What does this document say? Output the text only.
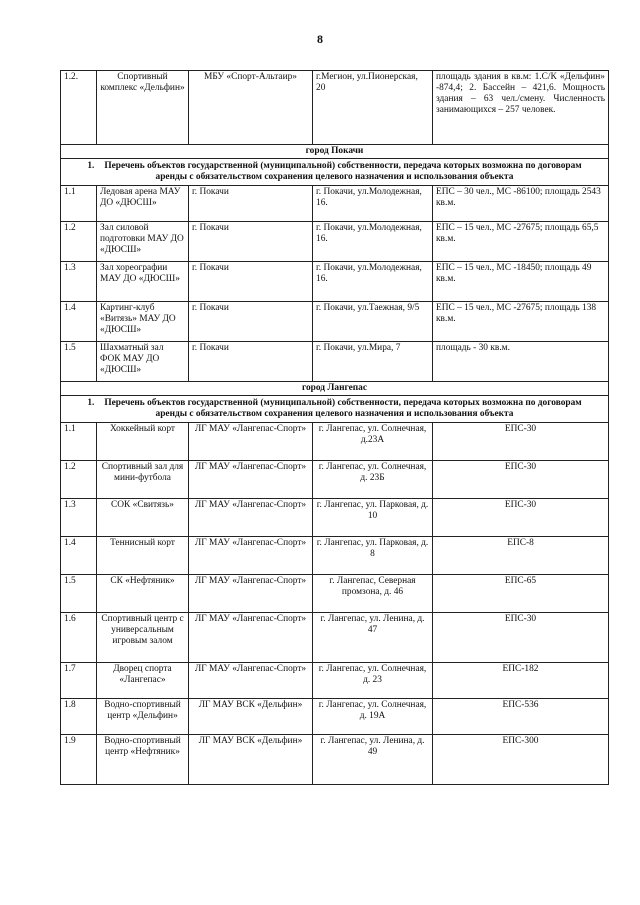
8
1.2.	Спортивный комплекс «Дельфин»	МБУ «Спорт-Альтаир»	г.Мегион, ул.Пионерская, 20	площадь здания в кв.м: 1.С/К «Дельфин» -874,4; 2. Бассейн – 421,6. Мощность здания – 63 чел./смену. Численность занимающихся – 257 человек.
город Покачи				
1. Перечень объектов государственной (муниципальной) собственности, передача которых возможна по договорам аренды с обязательством сохранения целевого назначения и использования объекта				
1.1	Ледовая арена МАУ ДО «ДЮСШ»	г. Покачи	г. Покачи, ул.Молодежная, 16.	ЕПС – 30 чел., МС -86100; площадь 2543 кв.м.
1.2	Зал силовой подготовки МАУ ДО «ДЮСШ»	г. Покачи	г. Покачи, ул.Молодежная, 16.	ЕПС – 15 чел., МС -27675; площадь 65,5 кв.м.
1.3	Зал хореографии МАУ ДО «ДЮСШ»	г. Покачи	г. Покачи, ул.Молодежная, 16.	ЕПС – 15 чел., МС -18450; площадь 49 кв.м.
1.4	Картинг-клуб «Витязь» МАУ ДО «ДЮСШ»	г. Покачи	г. Покачи, ул.Таежная, 9/5	ЕПС – 15 чел., МС -27675; площадь 138 кв.м.
1.5	Шахматный зал ФОК МАУ ДО «ДЮСШ»	г. Покачи	г. Покачи, ул.Мира, 7	площадь - 30 кв.м.
город Лангепас				
1. Перечень объектов государственной (муниципальной) собственности, передача которых возможна по договорам аренды с обязательством сохранения целевого назначения и использования объекта				
1.1	Хоккейный корт	ЛГ МАУ «Лангепас-Спорт»	г. Лангепас, ул. Солнечная, д.23А	ЕПС-30
1.2	Спортивный зал для мини-футбола	ЛГ МАУ «Лангепас-Спорт»	г. Лангепас, ул. Солнечная, д. 23Б	ЕПС-30
1.3	СОК «Свитязь»	ЛГ МАУ «Лангепас-Спорт»	г. Лангепас, ул. Парковая, д. 10	ЕПС-30
1.4	Теннисный корт	ЛГ МАУ «Лангепас-Спорт»	г. Лангепас, ул. Парковая, д. 8	ЕПС-8
1.5	СК «Нефтяник»	ЛГ МАУ «Лангепас-Спорт»	г. Лангепас, Северная промзона, д. 46	ЕПС-65
1.6	Спортивный центр с универсальным игровым залом	ЛГ МАУ «Лангепас-Спорт»	г. Лангепас, ул. Ленина, д. 47	ЕПС-30
1.7	Дворец спорта «Лангепас»	ЛГ МАУ «Лангепас-Спорт»	г. Лангепас, ул. Солнечная, д. 23	ЕПС-182
1.8	Водно-спортивный центр «Дельфин»	ЛГ МАУ ВСК «Дельфин»	г. Лангепас, ул. Солнечная, д. 19А	ЕПС-536
1.9	Водно-спортивный центр «Нефтяник»	ЛГ МАУ ВСК «Дельфин»	г. Лангепас, ул. Ленина, д. 49	ЕПС-300
